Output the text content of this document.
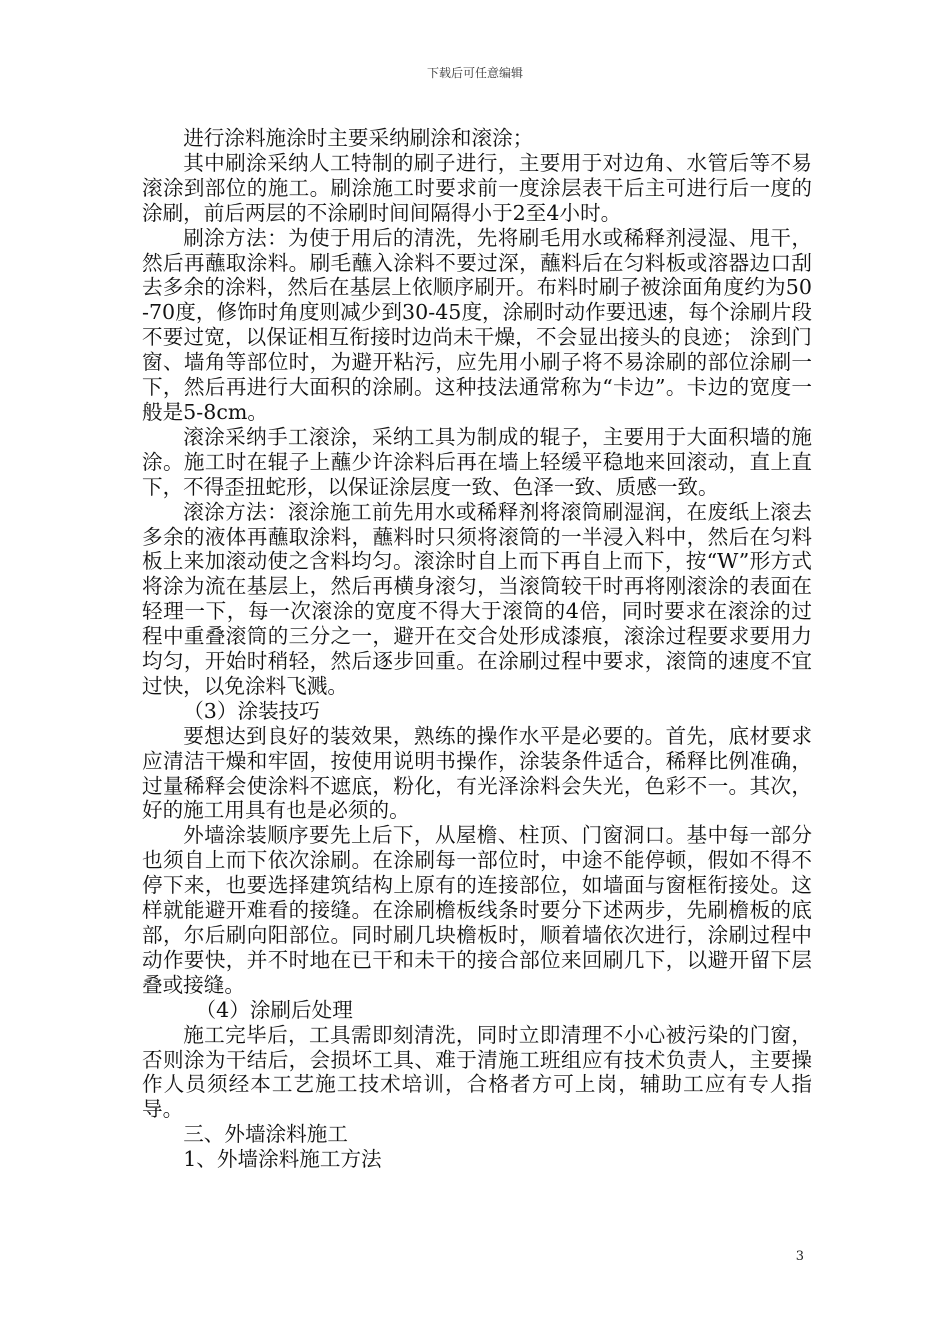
下载后可任意编辑

进行涂料施涂时主要采纳刷涂和滚涂；

其中刷涂采纳人工特制的刷子进行，主要用于对边角、水管后等不易滚涂到部位的施工。刷涂施工时要求前一度涂层表干后主可进行后一度的涂刷，前后两层的不涂刷时间间隔得小于2至4小时。

刷涂方法：为使于用后的清洗，先将刷毛用水或稀释剂浸湿、甩干，然后再蘸取涂料。刷毛蘸入涂料不要过深，蘸料后在匀料板或溶器边口刮去多余的涂料，然后在基层上依顺序刷开。布料时刷子被涂面角度约为50-70度，修饰时角度则减少到30-45度，涂刷时动作要迅速，每个涂刷片段不要过宽，以保证相互衔接时边尚未干燥，不会显出接头的良迹； 涂到门窗、墙角等部位时，为避开粘污，应先用小刷子将不易涂刷的部位涂刷一下，然后再进行大面积的涂刷。这种技法通常称为“卡边”。卡边的宽度一般是5-8cm。

滚涂采纳手工滚涂，采纳工具为制成的辊子，主要用于大面积墙的施涂。施工时在辊子上蘸少许涂料后再在墙上轻缓平稳地来回滚动，直上直下，不得歪扭蛇形，以保证涂层度一致、色泽一致、质感一致。

滚涂方法：滚涂施工前先用水或稀释剂将滚筒刷湿润，在废纸上滚去多余的液体再蘸取涂料，蘸料时只须将滚筒的一半浸入料中，然后在匀料板上来加滚动使之含料均匀。滚涂时自上而下再自上而下，按“W”形方式将涂为流在基层上，然后再横身滚匀，当滚筒较干时再将刚滚涂的表面在轻理一下，每一次滚涂的宽度不得大于滚筒的4倍，同时要求在滚涂的过程中重叠滚筒的三分之一，避开在交合处形成漆痕，滚涂过程要求要用力均匀，开始时稍轻，然后逐步回重。在涂刷过程中要求，滚筒的速度不宜过快，以免涂料飞溅。

（3）涂装技巧

要想达到良好的装效果，熟练的操作水平是必要的。首先，底材要求应清洁干燥和牢固，按使用说明书操作，涂装条件适合，稀释比例准确，过量稀释会使涂料不遮底，粉化，有光泽涂料会失光，色彩不一。其次，好的施工用具有也是必须的。

外墙涂装顺序要先上后下，从屋檐、柱顶、门窗洞口。基中每一部分也须自上而下依次涂刷。在涂刷每一部位时，中途不能停顿，假如不得不停下来，也要选择建筑结构上原有的连接部位，如墙面与窗框衔接处。这样就能避开难看的接缝。在涂刷檐板线条时要分下述两步，先刷檐板的底部，尔后刷向阳部位。同时刷几块檐板时，顺着墙依次进行，涂刷过程中动作要快，并不时地在已干和未干的接合部位来回刷几下，以避开留下层叠或接缝。

（4）涂刷后处理

施工完毕后，工具需即刻清洗，同时立即清理不小心被污染的门窗，否则涂为干结后，会损坏工具、难于清施工班组应有技术负责人，主要操作人员须经本工艺施工技术培训，合格者方可上岗，辅助工应有专人指导。

三、外墙涂料施工

1、外墙涂料施工方法

3
